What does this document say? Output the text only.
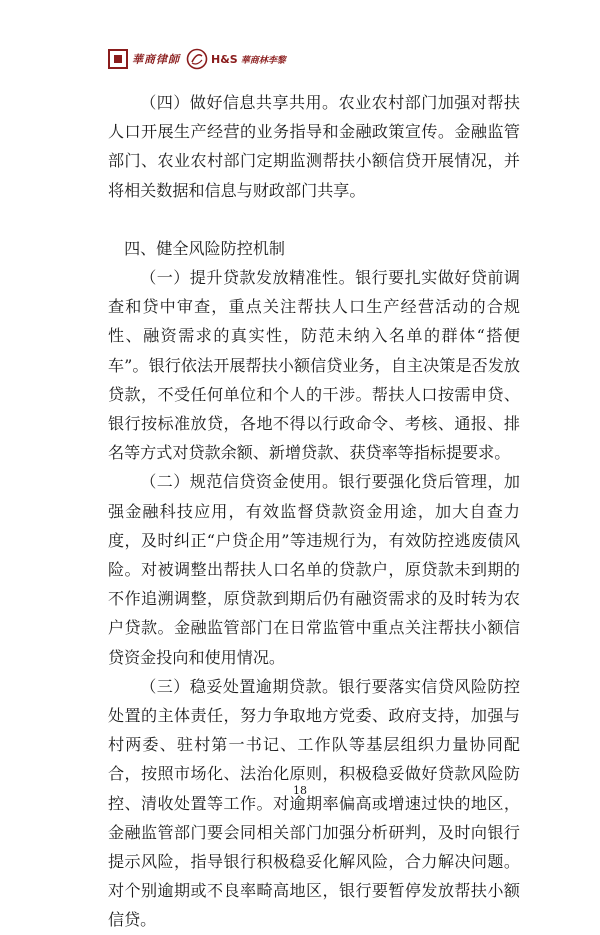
華商律師	H&S 華商林李黎

（四）做好信息共享共用。农业农村部门加强对帮扶人口开展生产经营的业务指导和金融政策宣传。金融监管部门、农业农村部门定期监测帮扶小额信贷开展情况，并将相关数据和信息与财政部门共享。

四、健全风险防控机制

（一）提升贷款发放精准性。银行要扎实做好贷前调查和贷中审查，重点关注帮扶人口生产经营活动的合规性、融资需求的真实性，防范未纳入名单的群体“搭便车”。银行依法开展帮扶小额信贷业务，自主决策是否发放贷款，不受任何单位和个人的干涉。帮扶人口按需申贷、银行按标准放贷，各地不得以行政命令、考核、通报、排名等方式对贷款余额、新增贷款、获贷率等指标提要求。

（二）规范信贷资金使用。银行要强化贷后管理，加强金融科技应用，有效监督贷款资金用途，加大自查力度，及时纠正“户贷企用”等违规行为，有效防控逃废债风险。对被调整出帮扶人口名单的贷款户，原贷款未到期的不作追溯调整，原贷款到期后仍有融资需求的及时转为农户贷款。金融监管部门在日常监管中重点关注帮扶小额信贷资金投向和使用情况。

（三）稳妥处置逾期贷款。银行要落实信贷风险防控处置的主体责任，努力争取地方党委、政府支持，加强与村两委、驻村第一书记、工作队等基层组织力量协同配合，按照市场化、法治化原则，积极稳妥做好贷款风险防控、清收处置等工作。对逾期率偏高或增速过快的地区，金融监管部门要会同相关部门加强分析研判，及时向银行提示风险，指导银行积极稳妥化解风险，合力解决问题。对个别逾期或不良率畸高地区，银行要暂停发放帮扶小额信贷。

18
